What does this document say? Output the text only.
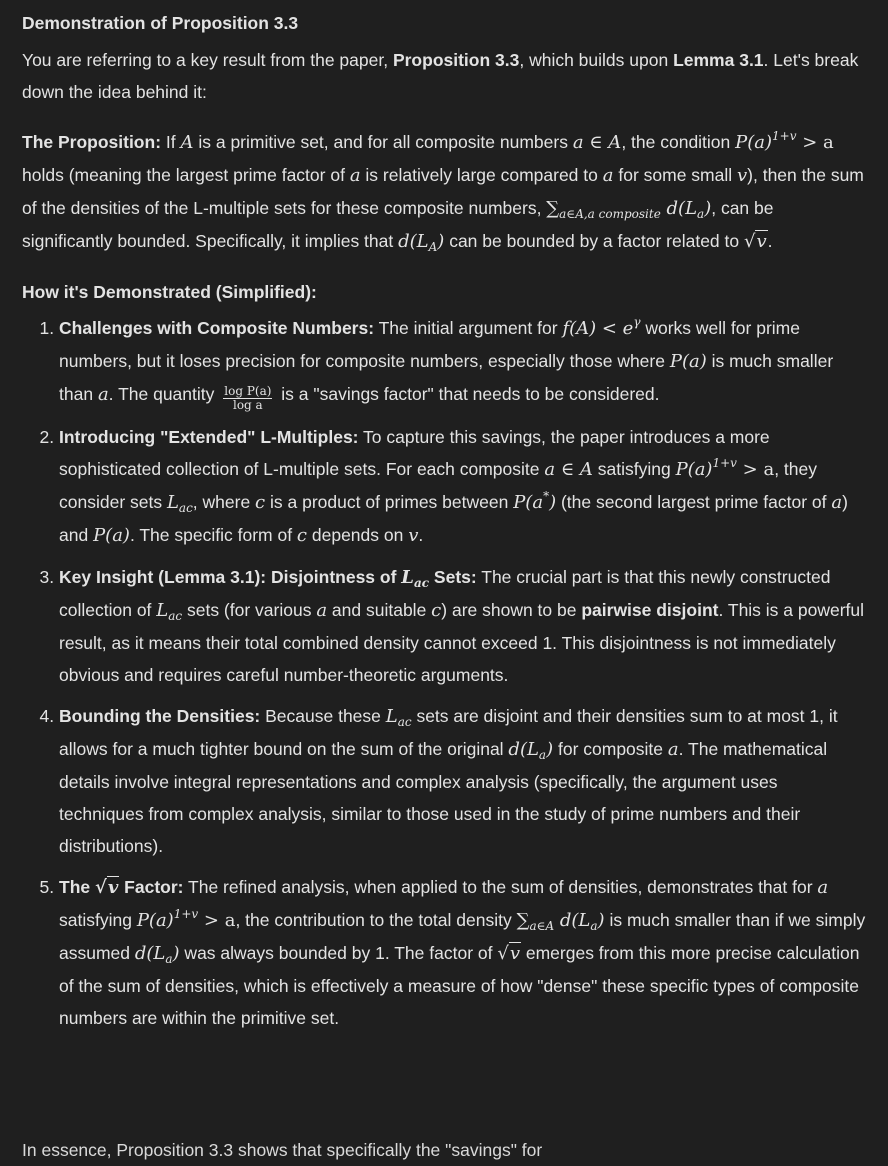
Demonstration of Proposition 3.3

You are referring to a key result from the paper, Proposition 3.3, which builds upon Lemma 3.1. Let's break down the idea behind it:

The Proposition: If A is a primitive set, and for all composite numbers a ∈ A, the condition $P(a)^{1+v} > a$ holds (meaning the largest prime factor of a is relatively large compared to a for some small v), then the sum of the densities of the L-multiple sets for these composite numbers, $\sum_{a\in A,a composite}$ $d(L_a)$, can be significantly bounded. Specifically, it implies that $d(L_A)$ can be bounded by a factor related to √v.

How it's Demonstrated (Simplified):
1. Challenges with Composite Numbers: The initial argument for $f(A) < e^\gamma$ works well for prime numbers, but it loses precision for composite numbers, especially those where P(a) is much smaller than a. The quantity $\frac{\text{log P(a)}}{\text{log a}}$ is a "savings factor" that needs to be considered.
2. Introducing "Extended" L-Multiples: To capture this savings, the paper introduces a more sophisticated collection of L-multiple sets. For each composite a ∈ A satisfying $P(a)^{1+v} > a$, they consider sets $L_{ac}$, where c is a product of primes between P(a*) (the second largest prime factor of a) and P(a). The specific form of c depends on v.
3. Key Insight (Lemma 3.1): Disjointness of $L_{ac}$ Sets: The crucial part is that this newly constructed collection of $L_{ac}$ sets (for various a and suitable c) are shown to be pairwise disjoint. This is a powerful result, as it means their total combined density cannot exceed 1. This disjointness is not immediately obvious and requires careful number-theoretic arguments.
4. Bounding the Densities: Because these $L_{ac}$ sets are disjoint and their densities sum to at most 1, it allows for a much tighter bound on the sum of the original $d(L_a)$ for composite a. The mathematical details involve integral representations and complex analysis (specifically, the argument uses techniques from complex analysis, similar to those used in the study of prime numbers and their distributions).
5. The √v Factor: The refined analysis, when applied to the sum of densities, demonstrates that for a satisfying $P(a)^{1+v} > a$, the contribution to the total density $\sum_{a\in A}$ $d(L_a)$ is much smaller than if we simply assumed $d(L_a)$ was always bounded by 1. The factor of √v emerges from this more precise calculation of the sum of densities, which is effectively a measure of how "dense" these specific types of composite numbers are within the primitive set.
In essence, Proposition 3.3 shows that specifically the "savings" for
